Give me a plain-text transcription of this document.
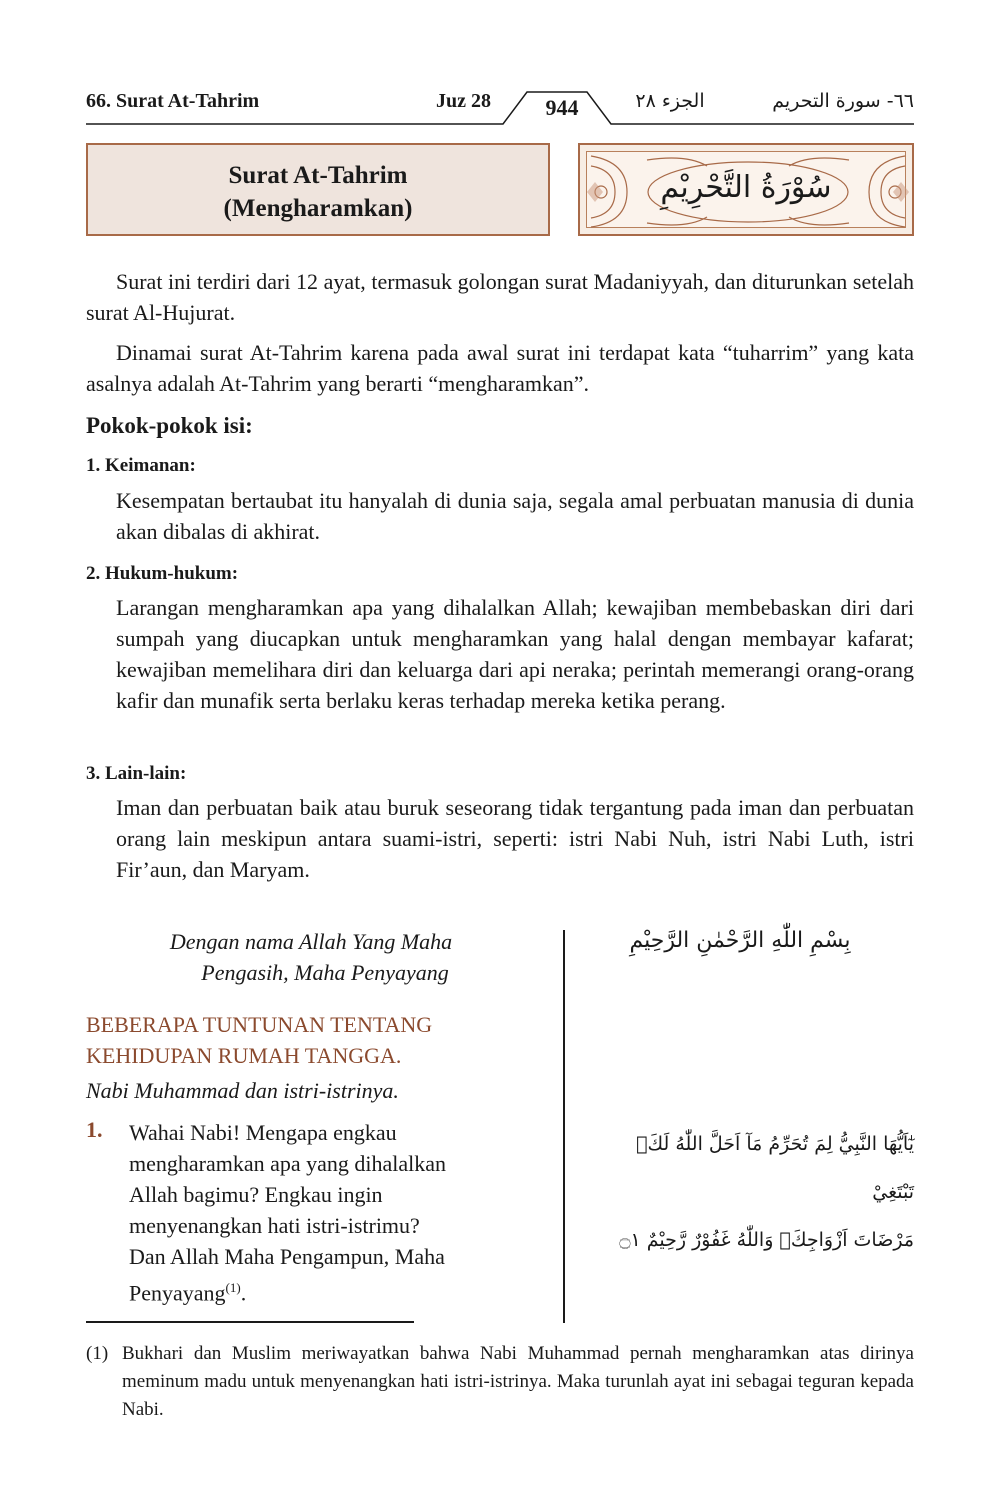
66. Surat At-Tahrim	Juz 28	944	الجزء ٢٨	٦٦- سورة التحريم
Surat At-Tahrim
(Mengharamkan)
سُوْرَةُ التَّحْرِيْمِ
Surat ini terdiri dari 12 ayat, termasuk golongan surat Madaniyyah, dan diturunkan setelah surat Al-Hujurat.
Dinamai surat At-Tahrim karena pada awal surat ini terdapat kata “tuharrim” yang kata asalnya adalah At-Tahrim yang berarti “mengharamkan”.
Pokok-pokok isi:
1. Keimanan:
Kesempatan bertaubat itu hanyalah di dunia saja, segala amal perbuatan manusia di dunia akan dibalas di akhirat.
2. Hukum-hukum:
Larangan mengharamkan apa yang dihalalkan Allah; kewajiban membebaskan diri dari sumpah yang diucapkan untuk mengharamkan yang halal dengan membayar kafarat; kewajiban memelihara diri dan keluarga dari api neraka; perintah memerangi orang-orang kafir dan munafik serta berlaku keras terhadap mereka ketika perang.
3. Lain-lain:
Iman dan perbuatan baik atau buruk seseorang tidak tergantung pada iman dan perbuatan orang lain meskipun antara suami-istri, seperti: istri Nabi Nuh, istri Nabi Luth, istri Fir’aun, dan Maryam.
Dengan nama Allah Yang Maha
Pengasih, Maha Penyayang
بِسْمِ اللّٰهِ الرَّحْمٰنِ الرَّحِيْمِ
BEBERAPA TUNTUNAN TENTANG
KEHIDUPAN RUMAH TANGGA.
Nabi Muhammad dan istri-istrinya.
1. Wahai Nabi! Mengapa engkau
mengharamkan apa yang dihalalkan
Allah bagimu? Engkau ingin
menyenangkan hati istri-istrimu?
Dan Allah Maha Pengampun, Maha
Penyayang$^{(1)}$.
يٰٓاَيُّهَا النَّبِيُّ لِمَ تُحَرِّمُ مَآ اَحَلَّ اللّٰهُ لَكَۚ تَبْتَغِيْ
مَرْضَاتَ اَزْوَاجِكَۗ وَاللّٰهُ غَفُوْرٌ رَّحِيْمٌ ۝١
(1) Bukhari dan Muslim meriwayatkan bahwa Nabi Muhammad pernah mengharamkan atas dirinya meminum madu untuk menyenangkan hati istri-istrinya. Maka turunlah ayat ini sebagai teguran kepada Nabi.
